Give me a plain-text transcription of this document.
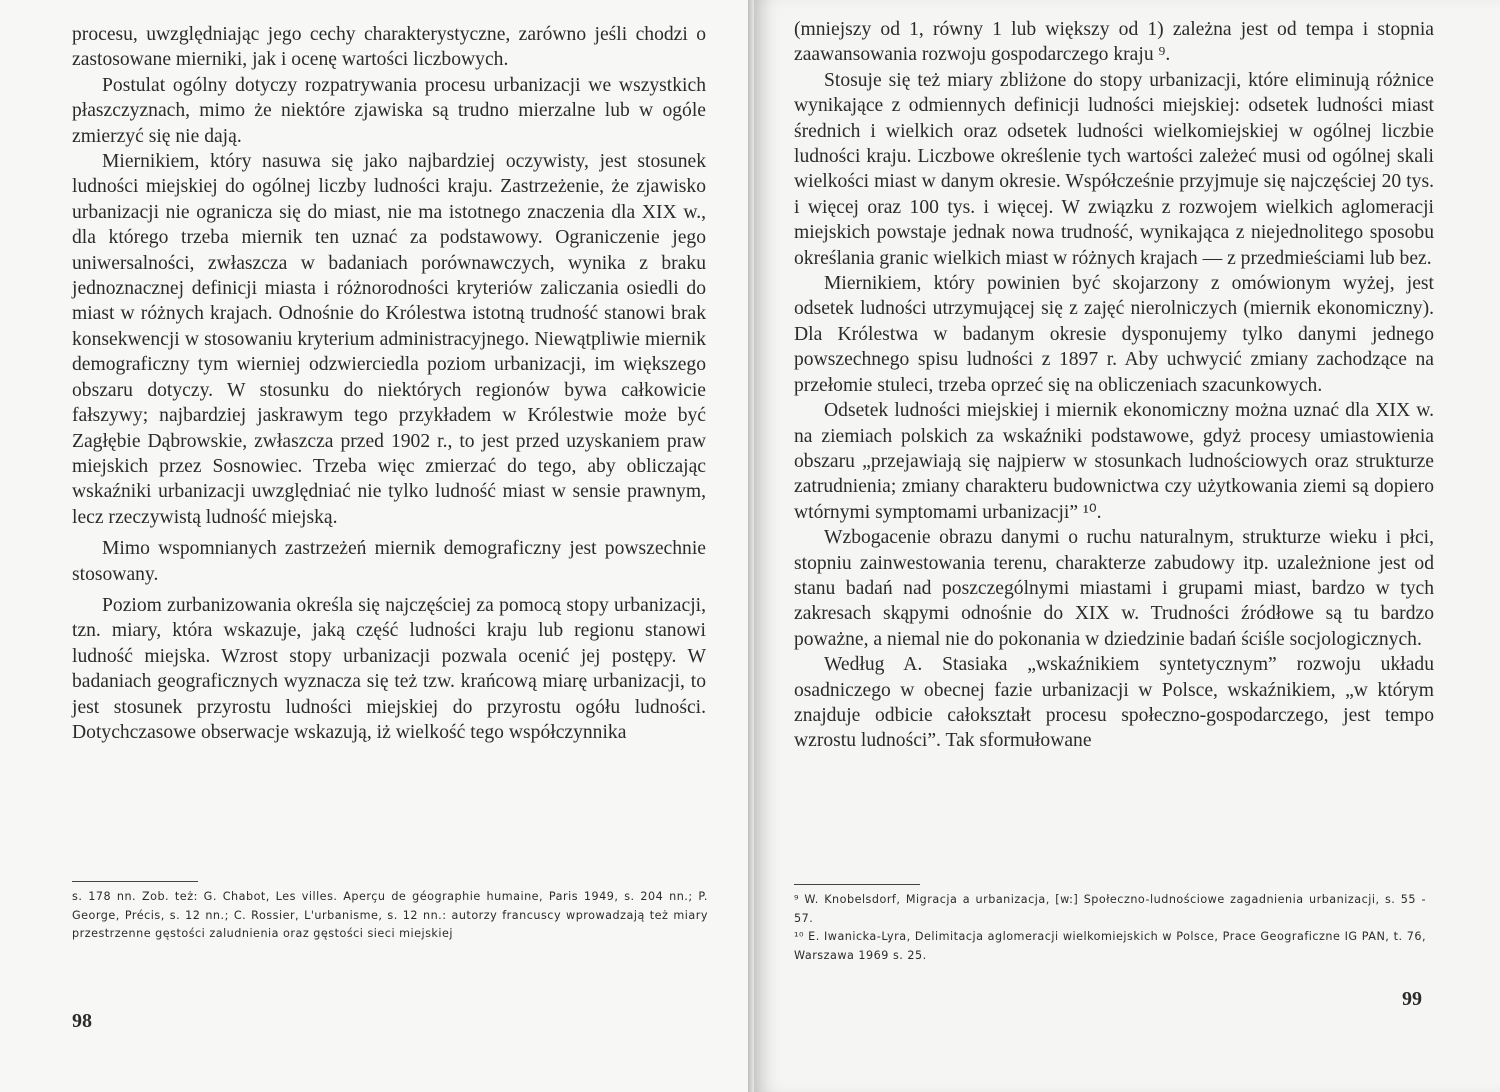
procesu, uwzględniając jego cechy charakterystyczne, zarówno jeśli chodzi o zastosowane mierniki, jak i ocenę wartości liczbowych.

Postulat ogólny dotyczy rozpatrywania procesu urbanizacji we wszystkich płaszczyznach, mimo że niektóre zjawiska są trudno mierzalne lub w ogóle zmierzyć się nie dają.

Miernikiem, który nasuwa się jako najbardziej oczywisty, jest stosunek ludności miejskiej do ogólnej liczby ludności kraju. Zastrzeżenie, że zjawisko urbanizacji nie ogranicza się do miast, nie ma istotnego znaczenia dla XIX w., dla którego trzeba miernik ten uznać za podstawowy. Ograniczenie jego uniwersalności, zwłaszcza w badaniach porównawczych, wynika z braku jednoznacznej definicji miasta i różnorodności kryteriów zaliczania osiedli do miast w różnych krajach. Odnośnie do Królestwa istotną trudność stanowi brak konsekwencji w stosowaniu kryterium administracyjnego. Niewątpliwie miernik demograficzny tym wierniej odzwierciedla poziom urbanizacji, im większego obszaru dotyczy. W stosunku do niektórych regionów bywa całkowicie fałszywy; najbardziej jaskrawym tego przykładem w Królestwie może być Zagłębie Dąbrowskie, zwłaszcza przed 1902 r., to jest przed uzyskaniem praw miejskich przez Sosnowiec. Trzeba więc zmierzać do tego, aby obliczając wskaźniki urbanizacji uwzględniać nie tylko ludność miast w sensie prawnym, lecz rzeczywistą ludność miejską.

Mimo wspomnianych zastrzeżeń miernik demograficzny jest powszechnie stosowany.

Poziom zurbanizowania określa się najczęściej za pomocą stopy urbanizacji, tzn. miary, która wskazuje, jaką część ludności kraju lub regionu stanowi ludność miejska. Wzrost stopy urbanizacji pozwala ocenić jej postępy. W badaniach geograficznych wyznacza się też tzw. krańcową miarę urbanizacji, to jest stosunek przyrostu ludności miejskiej do przyrostu ogółu ludności. Dotychczasowe obserwacje wskazują, iż wielkość tego współczynnika

s. 178 nn. Zob. też: G. Chabot, Les villes. Aperçu de géographie humaine, Paris 1949, s. 204 nn.; P. George, Précis, s. 12 nn.; C. Rossier, L'urbanisme, s. 12 nn.: autorzy francuscy wprowadzają też miary przestrzenne gęstości zaludnienia oraz gęstości sieci miejskiej

98

(mniejszy od 1, równy 1 lub większy od 1) zależna jest od tempa i stopnia zaawansowania rozwoju gospodarczego kraju ⁹.

Stosuje się też miary zbliżone do stopy urbanizacji, które eliminują różnice wynikające z odmiennych definicji ludności miejskiej: odsetek ludności miast średnich i wielkich oraz odsetek ludności wielkomiejskiej w ogólnej liczbie ludności kraju. Liczbowe określenie tych wartości zależeć musi od ogólnej skali wielkości miast w danym okresie. Współcześnie przyjmuje się najczęściej 20 tys. i więcej oraz 100 tys. i więcej. W związku z rozwojem wielkich aglomeracji miejskich powstaje jednak nowa trudność, wynikająca z niejednolitego sposobu określania granic wielkich miast w różnych krajach — z przedmieściami lub bez.

Miernikiem, który powinien być skojarzony z omówionym wyżej, jest odsetek ludności utrzymującej się z zajęć nierolniczych (miernik ekonomiczny). Dla Królestwa w badanym okresie dysponujemy tylko danymi jednego powszechnego spisu ludności z 1897 r. Aby uchwycić zmiany zachodzące na przełomie stuleci, trzeba oprzeć się na obliczeniach szacunkowych.

Odsetek ludności miejskiej i miernik ekonomiczny można uznać dla XIX w. na ziemiach polskich za wskaźniki podstawowe, gdyż procesy umiastowienia obszaru „przejawiają się najpierw w stosunkach ludnościowych oraz strukturze zatrudnienia; zmiany charakteru budownictwa czy użytkowania ziemi są dopiero wtórnymi symptomami urbanizacji” ¹⁰.

Wzbogacenie obrazu danymi o ruchu naturalnym, strukturze wieku i płci, stopniu zainwestowania terenu, charakterze zabudowy itp. uzależnione jest od stanu badań nad poszczególnymi miastami i grupami miast, bardzo w tych zakresach skąpymi odnośnie do XIX w. Trudności źródłowe są tu bardzo poważne, a niemal nie do pokonania w dziedzinie badań ściśle socjologicznych.

Według A. Stasiaka „wskaźnikiem syntetycznym” rozwoju układu osadniczego w obecnej fazie urbanizacji w Polsce, wskaźnikiem, „w którym znajduje odbicie całokształt procesu społeczno-gospodarczego, jest tempo wzrostu ludności”. Tak sformułowane

⁹ W. Knobelsdorf, Migracja a urbanizacja, [w:] Społeczno-ludnościowe zagadnienia urbanizacji, s. 55 - 57.

¹⁰ E. Iwanicka-Lyra, Delimitacja aglomeracji wielkomiejskich w Polsce, Prace Geograficzne IG PAN, t. 76, Warszawa 1969 s. 25.

99
